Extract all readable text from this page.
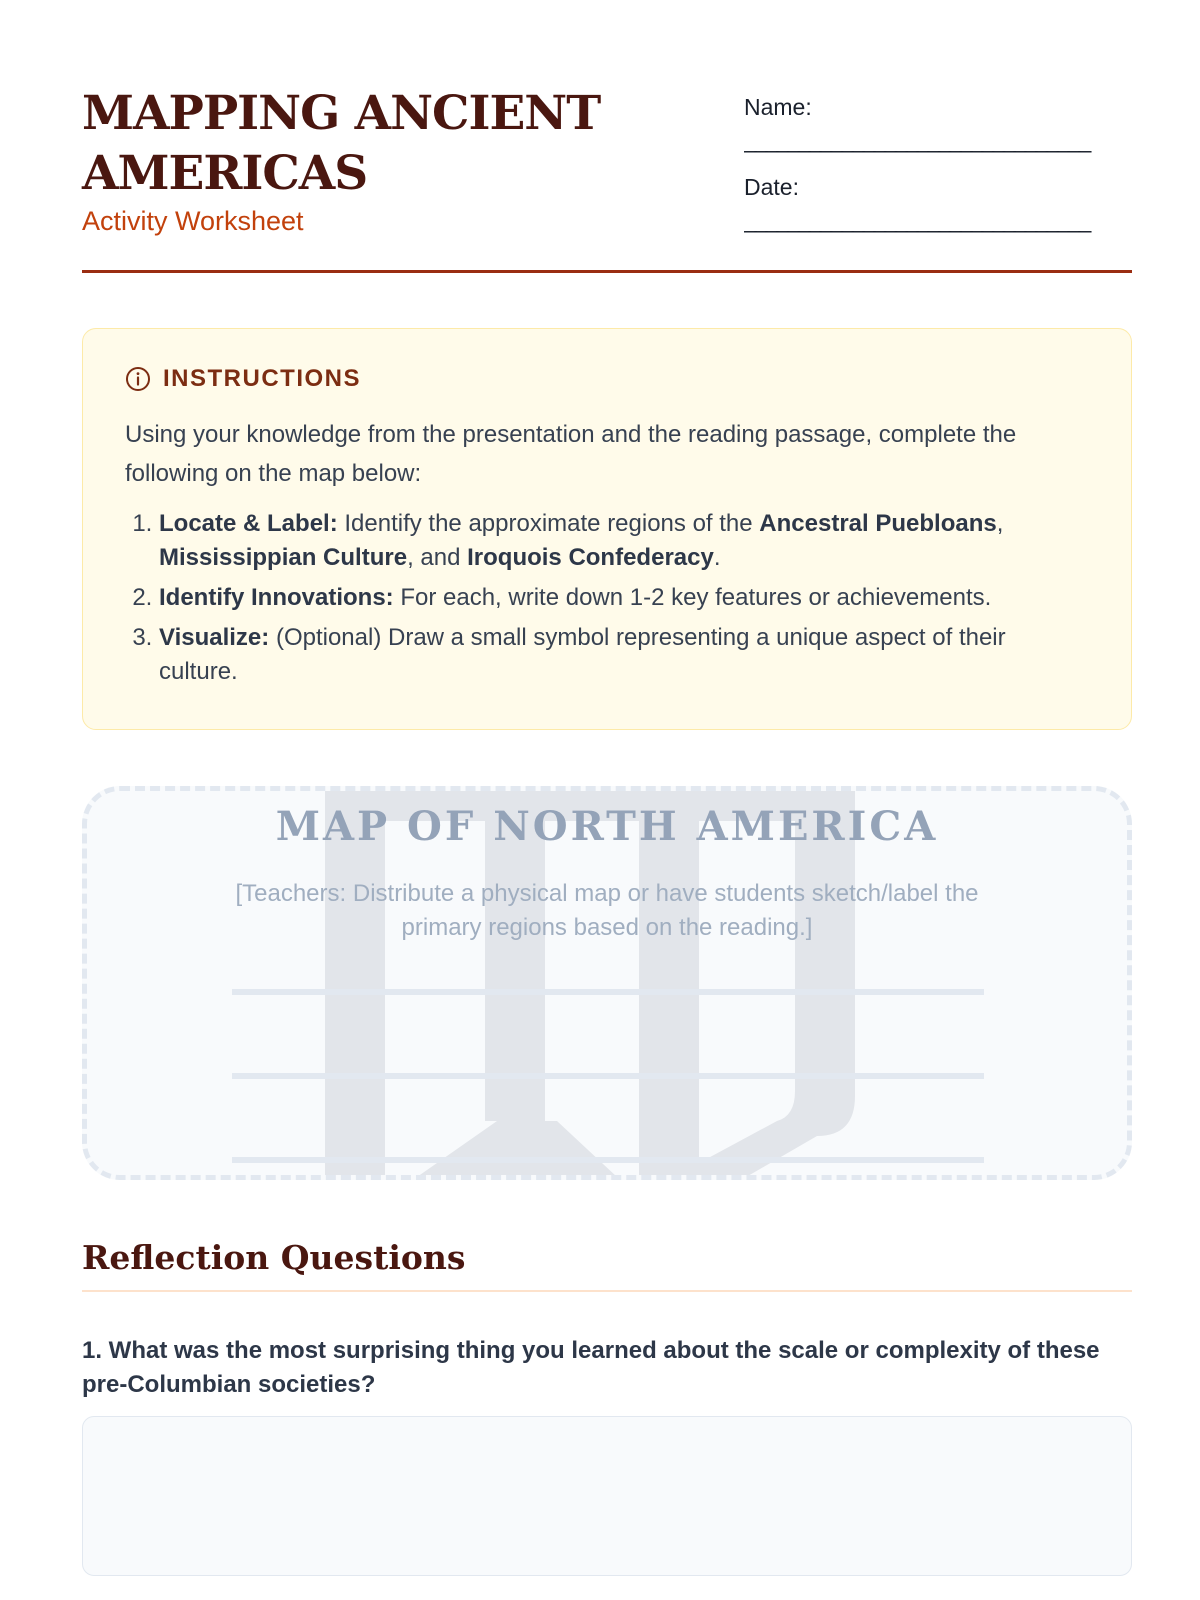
MAPPING ANCIENT AMERICAS
Activity Worksheet
Name:
________________________________
Date:
________________________________
INSTRUCTIONS
Using your knowledge from the presentation and the reading passage, complete the following on the map below:
1. Locate & Label: Identify the approximate regions of the Ancestral Puebloans, Mississippian Culture, and Iroquois Confederacy.
2. Identify Innovations: For each, write down 1-2 key features or achievements.
3. Visualize: (Optional) Draw a small symbol representing a unique aspect of their culture.
MAP OF NORTH AMERICA
[Teachers: Distribute a physical map or have students sketch/label the primary regions based on the reading.]
Reflection Questions
1. What was the most surprising thing you learned about the scale or complexity of these pre-Columbian societies?
